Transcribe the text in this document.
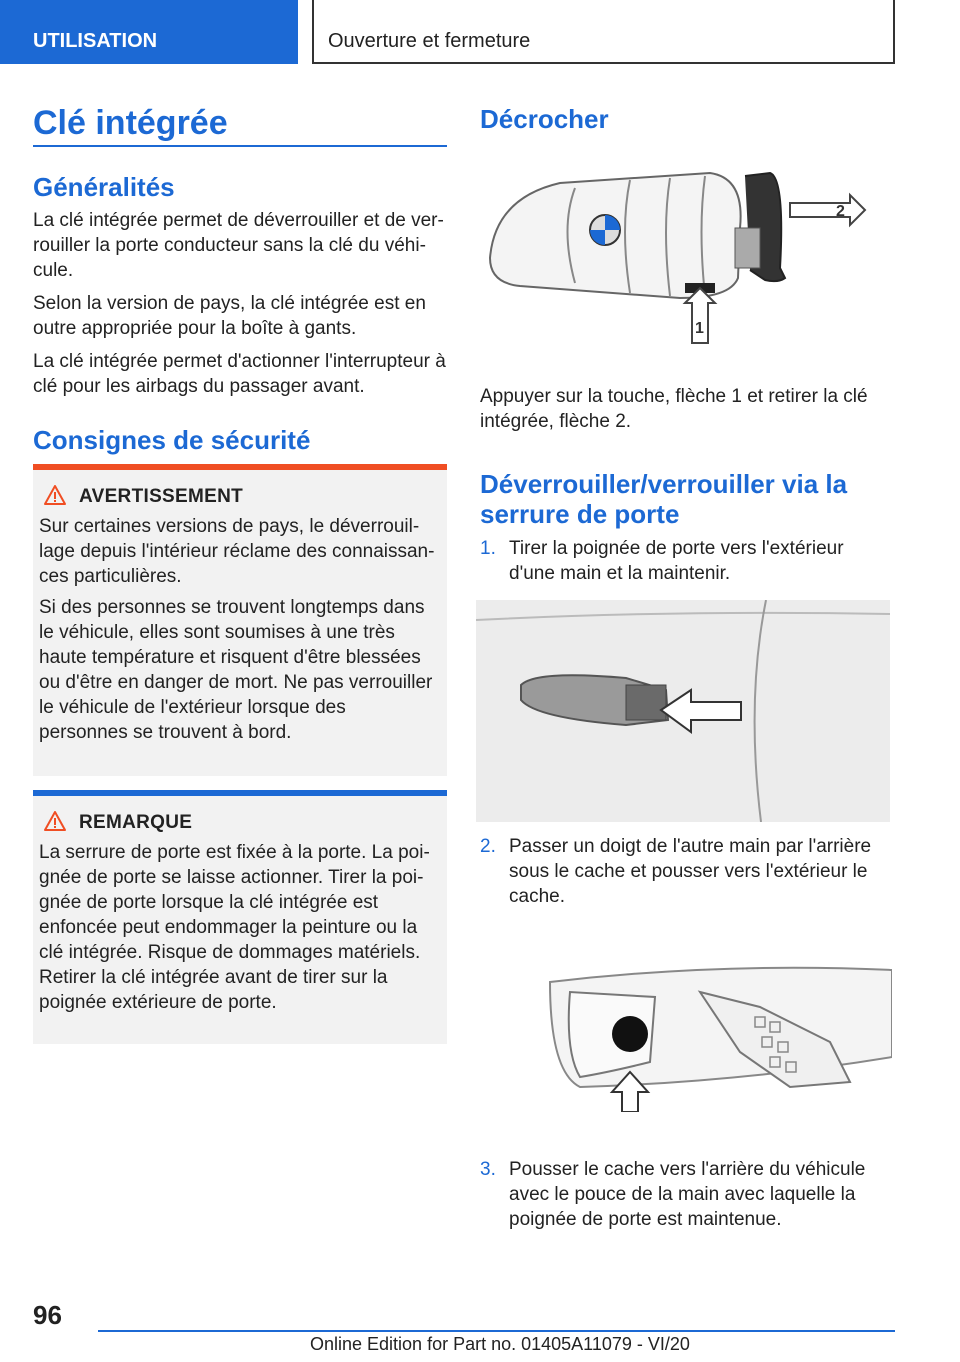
UTILISATION	Ouverture et fermeture
Clé intégrée
Généralités

La clé intégrée permet de déverrouiller et de verrouiller la porte conducteur sans la clé du véhicule.

Selon la version de pays, la clé intégrée est en outre appropriée pour la boîte à gants.

La clé intégrée permet d'actionner l'interrupteur à clé pour les airbags du passager avant.

Consignes de sécurité
AVERTISSEMENT

Sur certaines versions de pays, le déverrouillage depuis l'intérieur réclame des connaissances particulières.

Si des personnes se trouvent longtemps dans le véhicule, elles sont soumises à une très haute température et risquent d'être blessées ou d'être en danger de mort. Ne pas verrouiller le véhicule de l'extérieur lorsque des personnes se trouvent à bord.

REMARQUE

La serrure de porte est fixée à la porte. La poignée de porte se laisse actionner. Tirer la poignée de porte lorsque la clé intégrée est enfoncée peut endommager la peinture ou la clé intégrée. Risque de dommages matériels. Retirer la clé intégrée avant de tirer sur la poignée extérieure de porte.

Décrocher
2
1

Appuyer sur la touche, flèche 1 et retirer la clé intégrée, flèche 2.

Déverrouiller/verrouiller via la
serrure de porte
1. Tirer la poignée de porte vers l'extérieur d'une main et la maintenir.
2. Passer un doigt de l'autre main par l'arrière sous le cache et pousser vers l'extérieur le cache.
3. Pousser le cache vers l'arrière du véhicule avec le pouce de la main avec laquelle la poignée de porte est maintenue.
96
Online Edition for Part no. 01405A11079 - VI/20
